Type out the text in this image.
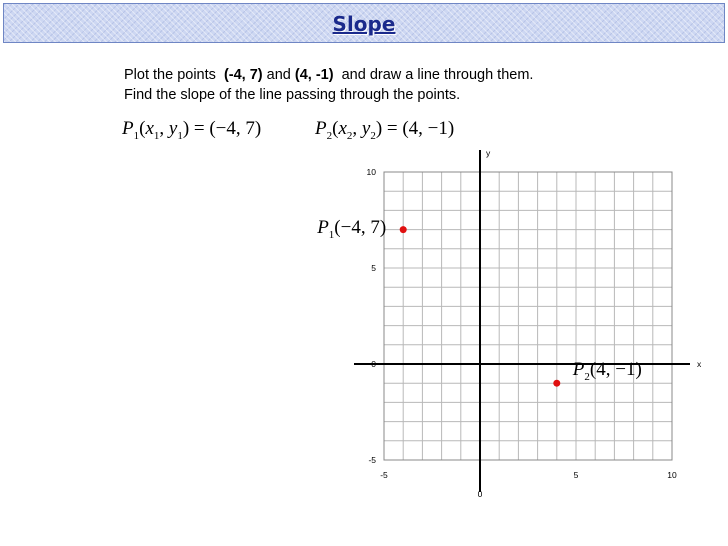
Slope
Plot the points  (-4, 7) and (4, -1)  and draw a line through them.
Find the slope of the line passing through the points.
$P_1(x_1$, $y_1) = (-4$, 7)	$P_2(x_2$, $y_2) = (4$, −1)
y
x
-5
0
5
10
-5	5	10
0
$P_1(-4$, 7)
$P_2(4$, −1)
